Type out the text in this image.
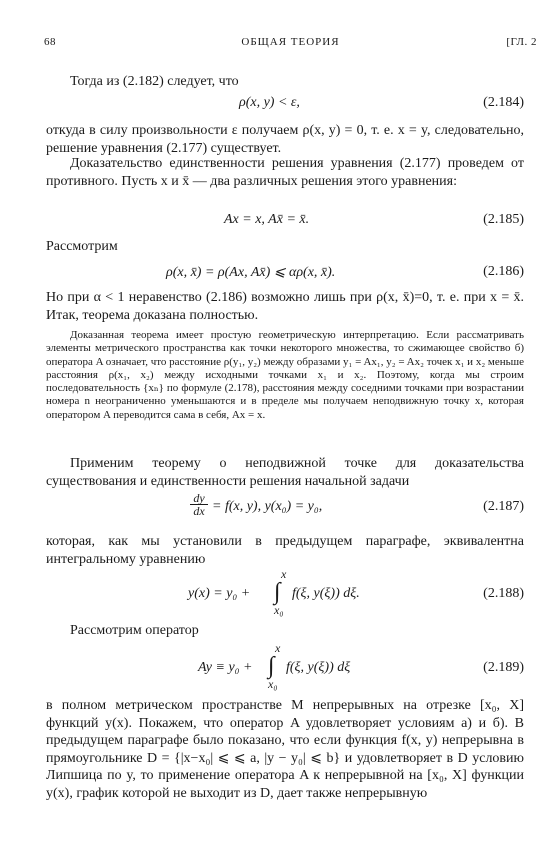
68	ОБЩАЯ ТЕОРИЯ	[ГЛ. 2
Тогда из (2.182) следует, что
ρ(x, y) < ε,	(2.184)
откуда в силу произвольности ε получаем ρ(x, y) = 0, т. е. x = y, следовательно, решение уравнения (2.177) существует.
Доказательство единственности решения уравнения (2.177) проведем от противного. Пусть x и x̄ — два различных решения этого уравнения:
Ax = x, Ax̄ = x̄.	(2.185)
Рассмотрим
ρ(x, x̄) = ρ(Ax, Ax̄) ⩽ αρ(x, x̄).	(2.186)
Но при α < 1 неравенство (2.186) возможно лишь при ρ(x, x̄)=0, т. е. при x = x̄. Итак, теорема доказана полностью.
Доказанная теорема имеет простую геометрическую интерпретацию. Если рассматривать элементы метрического пространства как точки некоторого множества, то сжимающее свойство б) оператора A означает, что расстояние ρ(y₁, y₂) между образами y₁ = Ax₁, y₂ = Ax₂ точек x₁ и x₂ меньше расстояния ρ(x₁, x₂) между исходными точками x₁ и x₂. Поэтому, когда мы строим последовательность {xₙ} по формуле (2.178), расстояния между соседними точками при возрастании номера n неограниченно уменьшаются и в пределе мы получаем неподвижную точку x, которая оператором A переводится сама в себя, Ax = x.
Применим теорему о неподвижной точке для доказательства существования и единственности решения начальной задачи
$\frac{dy}{dx} = f(x$, y), y(x₀) = y₀,	(2.187)
которая, как мы установили в предыдущем параграфе, эквивалентна интегральному уравнению
y(x) = y₀ +
x
∫
x₀
f(ξ, y(ξ)) dξ.	(2.188)
Рассмотрим оператор
Ay ≡ y₀ +
x
∫
x₀
f(ξ, y(ξ)) dξ	(2.189)
в полном метрическом пространстве M непрерывных на отрезке [x₀, X] функций y(x). Покажем, что оператор A удовлетворяет условиям а) и б). В предыдущем параграфе было показано, что если функция f(x, y) непрерывна в прямоугольнике D = {|x−x₀| ⩽ ⩽ a, |y − y₀| ⩽ b} и удовлетворяет в D условию Липшица по y, то применение оператора A к непрерывной на [x₀, X] функции y(x), график которой не выходит из D, дает также непрерывную
